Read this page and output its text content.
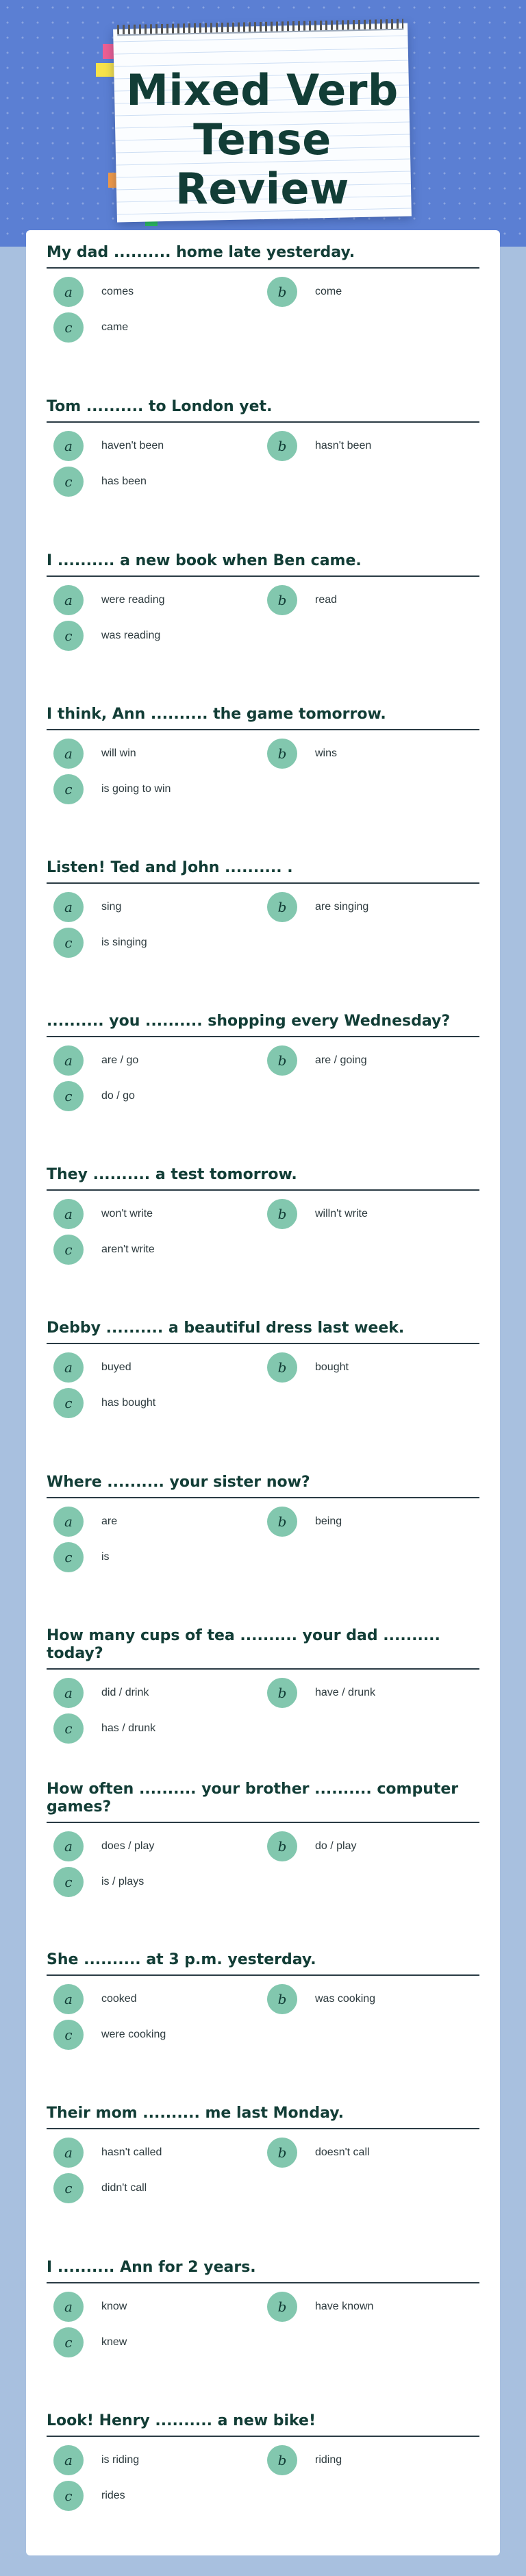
Mixed Verb Tense Review
My dad .......... home late yesterday.
a	comes	b	come
c	came
Tom .......... to London yet.
a	haven't been	b	hasn't been
c	has been
I .......... a new book when Ben came.
a	were reading	b	read
c	was reading
I think, Ann .......... the game tomorrow.
a	will win	b	wins
c	is going to win
Listen! Ted and John .......... .
a	sing	b	are singing
c	is singing
.......... you .......... shopping every Wednesday?
a	are / go	b	are / going
c	do / go
They .......... a test tomorrow.
a	won't write	b	willn't write
c	aren't write
Debby .......... a beautiful dress last week.
a	buyed	b	bought
c	has bought
Where .......... your sister now?
a	are	b	being
c	is
How many cups of tea .......... your dad .......... today?
a	did / drink	b	have / drunk
c	has / drunk
How often .......... your brother .......... computer games?
a	does / play	b	do / play
c	is / plays
She .......... at 3 p.m. yesterday.
a	cooked	b	was cooking
c	were cooking
Their mom .......... me last Monday.
a	hasn't called	b	doesn't call
c	didn't call
I .......... Ann for 2 years.
a	know	b	have known
c	knew
Look! Henry .......... a new bike!
a	is riding	b	riding
c	rides
